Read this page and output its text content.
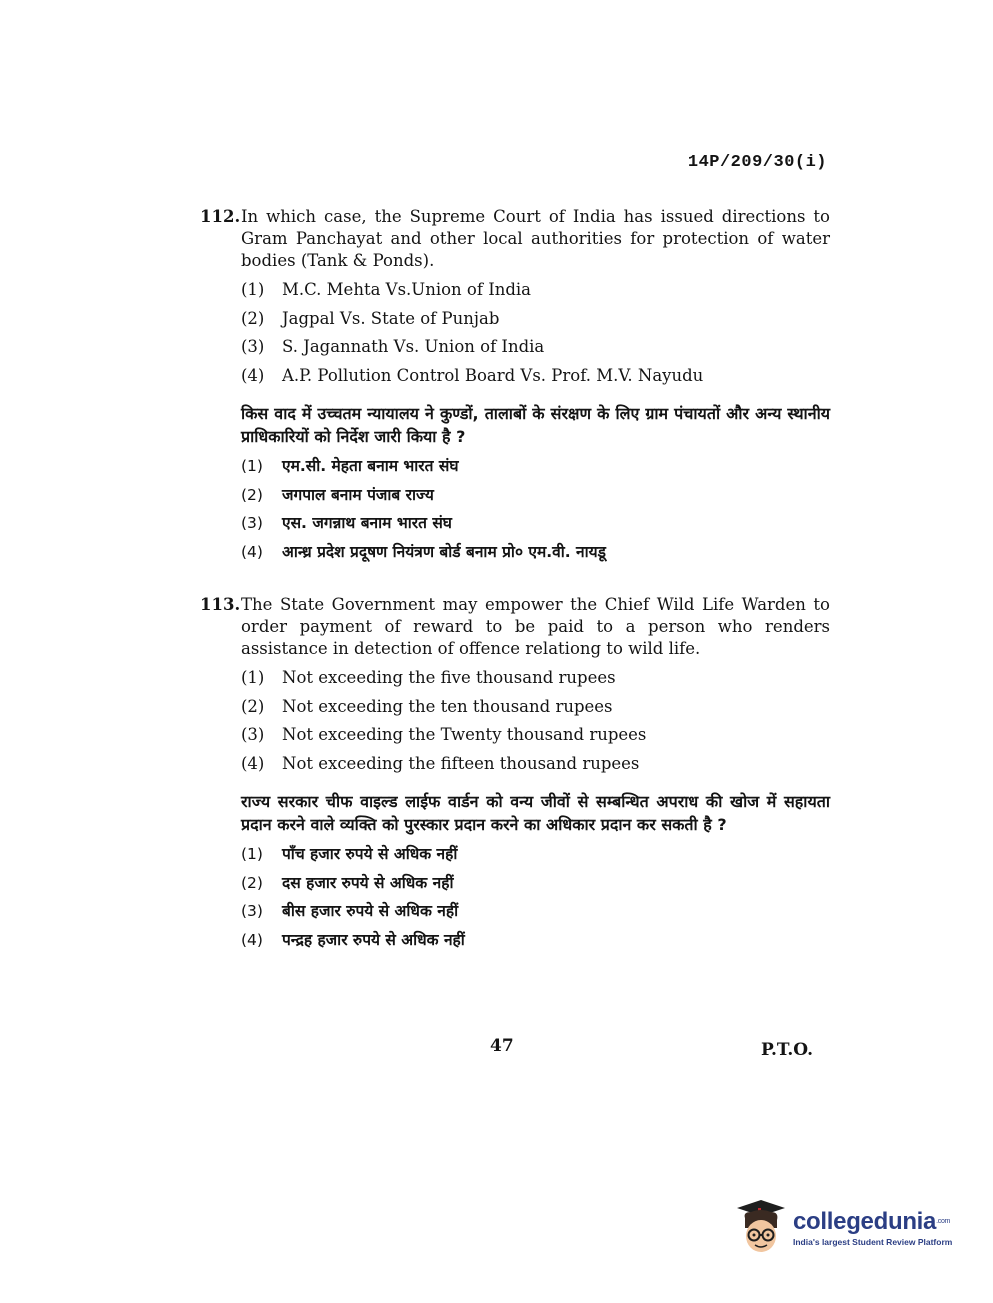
14P/209/30(i)
112. In which case, the Supreme Court of India has issued directions to Gram Panchayat and other local authorities for protection of water bodies (Tank & Ponds).
(1)	M.C. Mehta Vs.Union of India
(2)	Jagpal Vs. State of Punjab
(3)	S. Jagannath Vs. Union of India
(4)	A.P. Pollution Control Board Vs. Prof. M.V. Nayudu
किस वाद में उच्चतम न्यायालय ने कुण्डों, तालाबों के संरक्षण के लिए ग्राम पंचायतों और अन्य स्थानीय प्राधिकारियों को निर्देश जारी किया है ?
(1)	एम.सी. मेहता बनाम भारत संघ
(2)	जगपाल बनाम पंजाब राज्य
(3)	एस. जगन्नाथ बनाम भारत संघ
(4)	आन्ध्र प्रदेश प्रदूषण नियंत्रण बोर्ड बनाम प्रो० एम.वी. नायडू
113. The State Government may empower the Chief Wild Life Warden to order payment of reward to be paid to a person who renders assistance in detection of offence relationg to wild life.
(1)	Not exceeding the five thousand rupees
(2)	Not exceeding the ten thousand rupees
(3)	Not exceeding the Twenty thousand rupees
(4)	Not exceeding the fifteen thousand rupees
राज्य सरकार चीफ वाइल्ड लाईफ वार्डन को वन्य जीवों से सम्बन्धित अपराध की खोज में सहायता प्रदान करने वाले व्यक्ति को पुरस्कार प्रदान करने का अधिकार प्रदान कर सकती है ?
(1)	पाँच हजार रुपये से अधिक नहीं
(2)	दस हजार रुपये से अधिक नहीं
(3)	बीस हजार रुपये से अधिक नहीं
(4)	पन्द्रह हजार रुपये से अधिक नहीं
47	P.T.O.
collegedunia$^{.com}$
India's largest Student Review Platform
